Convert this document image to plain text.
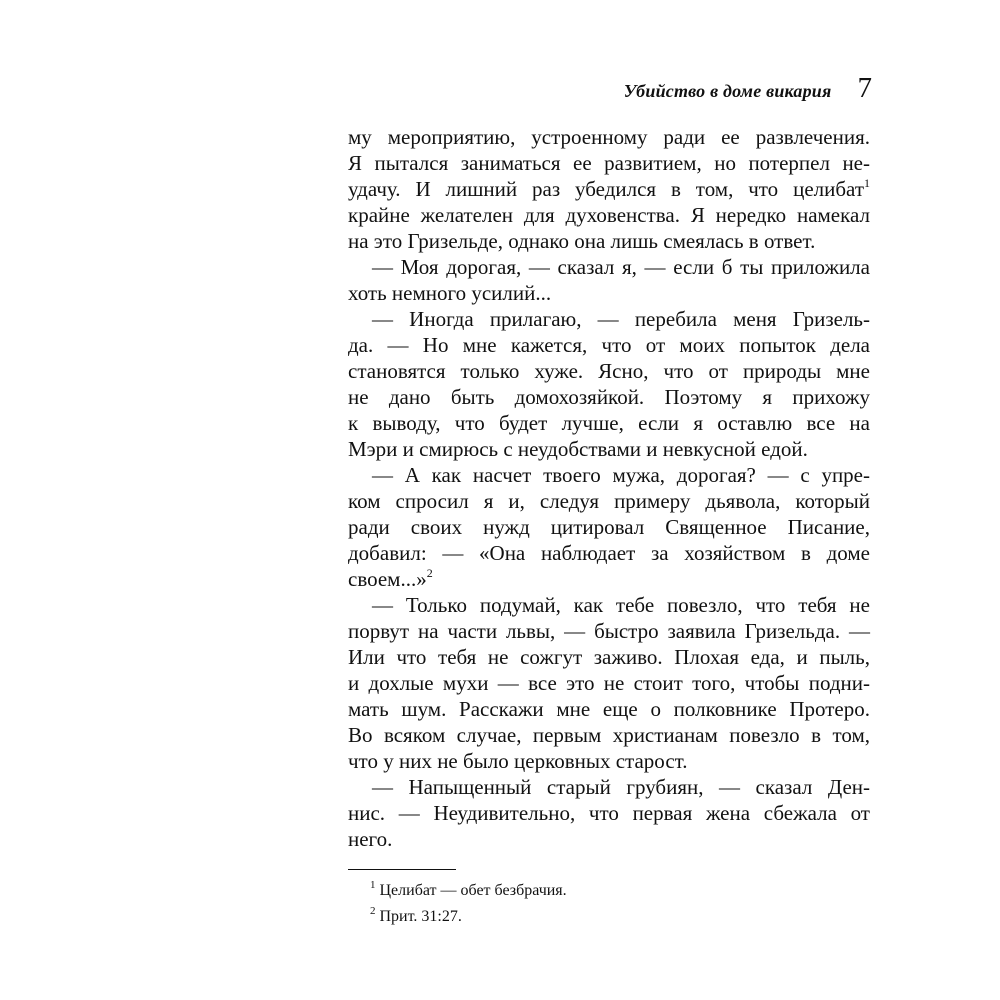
Убийство в доме викария 7
му мероприятию, устроенному ради ее развлечения.
Я пытался заниматься ее развитием, но потерпел не-
удачу. И лишний раз убедился в том, что целибат$^1$
крайне желателен для духовенства. Я нередко намекал
на это Гризельде, однако она лишь смеялась в ответ.
— Моя дорогая, — сказал я, — если б ты приложила
хоть немного усилий...
— Иногда прилагаю, — перебила меня Гризель-
да. — Но мне кажется, что от моих попыток дела
становятся только хуже. Ясно, что от природы мне
не дано быть домохозяйкой. Поэтому я прихожу
к выводу, что будет лучше, если я оставлю все на
Мэри и смирюсь с неудобствами и невкусной едой.
— А как насчет твоего мужа, дорогая? — с упре-
ком спросил я и, следуя примеру дьявола, который
ради своих нужд цитировал Священное Писание,
добавил: — «Она наблюдает за хозяйством в доме
своем...»$^2$
— Только подумай, как тебе повезло, что тебя не
порвут на части львы, — быстро заявила Гризельда. —
Или что тебя не сожгут заживо. Плохая еда, и пыль,
и дохлые мухи — все это не стоит того, чтобы подни-
мать шум. Расскажи мне еще о полковнике Протеро.
Во всяком случае, первым христианам повезло в том,
что у них не было церковных старост.
— Напыщенный старый грубиян, — сказал Ден-
нис. — Неудивительно, что первая жена сбежала от
него.
$^1$ Целибат — обет безбрачия.
$^2$ Прит. 31:27.
